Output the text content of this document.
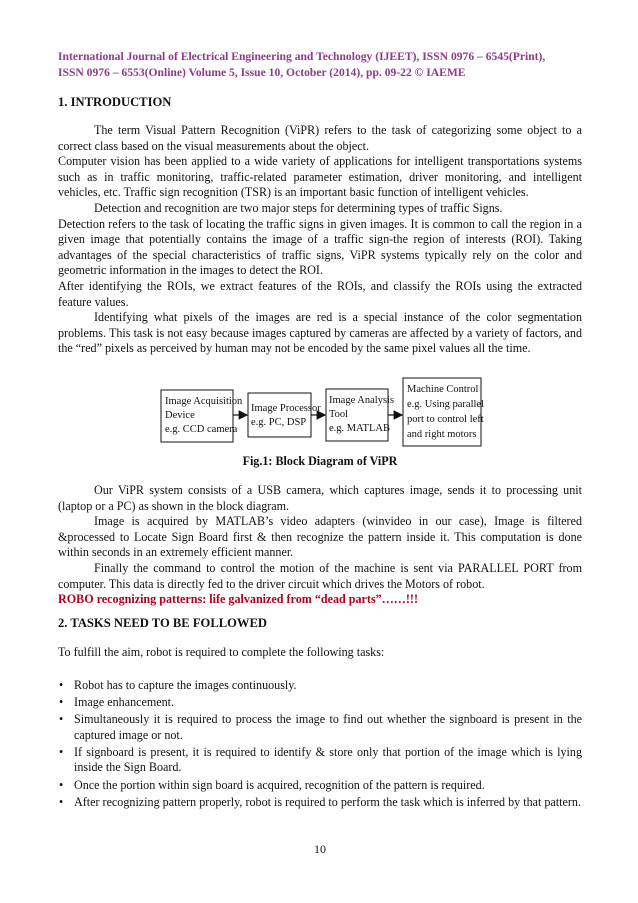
International Journal of Electrical Engineering and Technology (IJEET), ISSN 0976 – 6545(Print),
ISSN 0976 – 6553(Online) Volume 5, Issue 10, October (2014), pp. 09-22 © IAEME
1. INTRODUCTION

The term Visual Pattern Recognition (ViPR) refers to the task of categorizing some object to a correct class based on the visual measurements about the object.

Computer vision has been applied to a wide variety of applications for intelligent transportations systems such as in traffic monitoring, traffic-related parameter estimation, driver monitoring, and intelligent vehicles, etc. Traffic sign recognition (TSR) is an important basic function of intelligent vehicles.

Detection and recognition are two major steps for determining types of traffic Signs.

Detection refers to the task of locating the traffic signs in given images. It is common to call the region in a given image that potentially contains the image of a traffic sign-the region of interests (ROI). Taking advantages of the special characteristics of traffic signs, ViPR systems typically rely on the color and geometric information in the images to detect the ROI.

After identifying the ROIs, we extract features of the ROIs, and classify the ROIs using the extracted feature values.

Identifying what pixels of the images are red is a special instance of the color segmentation problems. This task is not easy because images captured by cameras are affected by a variety of factors, and the “red” pixels as perceived by human may not be encoded by the same pixel values all the time.

Image Acquisition
Device
e.g. CCD camera
Image Processor
e.g. PC, DSP
Image Analysis
Tool
e.g. MATLAB
Machine Control
e.g. Using parallel
port to control left
and right motors
Fig.1: Block Diagram of ViPR

Our ViPR system consists of a USB camera, which captures image, sends it to processing unit (laptop or a PC) as shown in the block diagram.

Image is acquired by MATLAB’s video adapters (winvideo in our case), Image is filtered &processed to Locate Sign Board first & then recognize the pattern inside it. This computation is done within seconds in an extremely efficient manner.

Finally the command to control the motion of the machine is sent via PARALLEL PORT from computer. This data is directly fed to the driver circuit which drives the Motors of robot.

ROBO recognizing patterns: life galvanized from “dead parts”……!!!

2. TASKS NEED TO BE FOLLOWED
To fulfill the aim, robot is required to complete the following tasks:
• Robot has to capture the images continuously.
• Image enhancement.
• Simultaneously it is required to process the image to find out whether the signboard is present in the captured image or not.
• If signboard is present, it is required to identify & store only that portion of the image which is lying inside the Sign Board.
• Once the portion within sign board is acquired, recognition of the pattern is required.
• After recognizing pattern properly, robot is required to perform the task which is inferred by that pattern.
10
